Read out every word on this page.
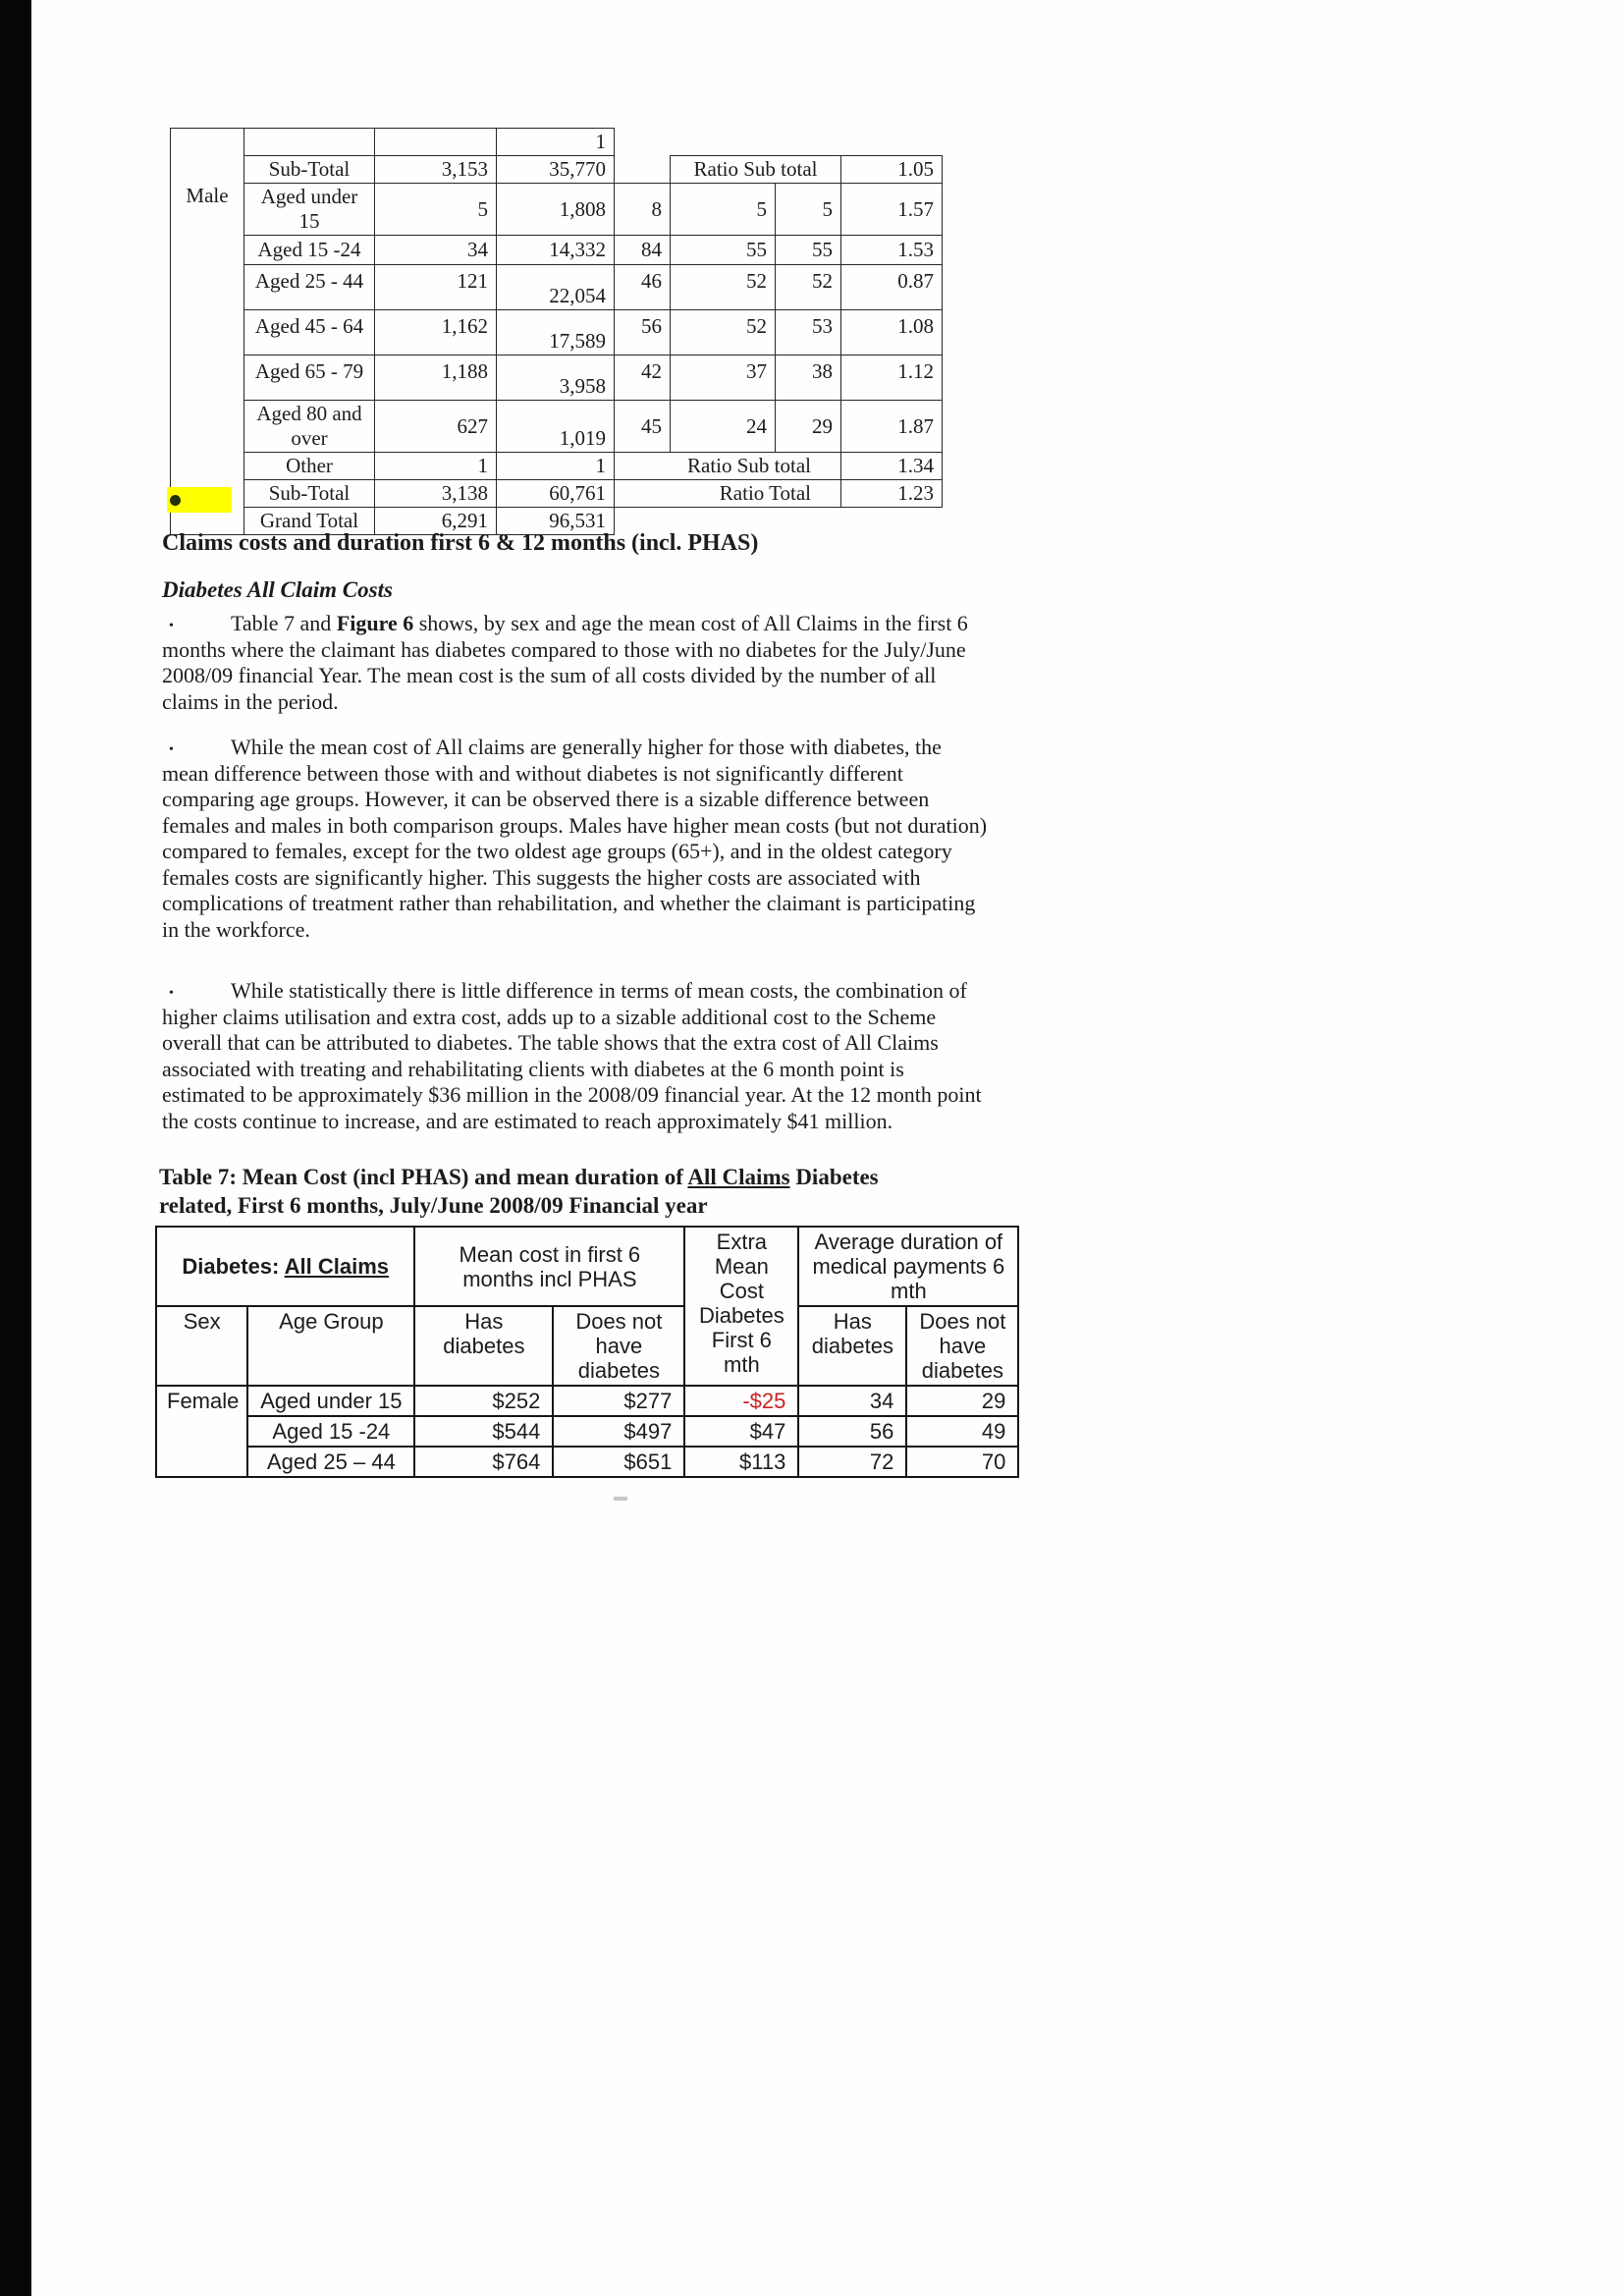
Male			1				
	Sub-Total	3,153	35,770		Ratio Sub total		1.05
	Aged under 15	5	1,808	8	5	5	1.57
	Aged 15 -24	34	14,332	84	55	55	1.53
	Aged 25 - 44	121	22,054	46	52	52	0.87
	Aged 45 - 64	1,162	17,589	56	52	53	1.08
	Aged 65 - 79	1,188	3,958	42	37	38	1.12
	Aged 80 and over	627	1,019	45	24	29	1.87
	Other	1	1	Ratio Sub total			1.34
	Sub-Total	3,138	60,761	Ratio Total			1.23
	Grand Total	6,291	96,531				
Claims costs and duration first 6 & 12 months (incl. PHAS)
Diabetes All Claim Costs
•	Table 7 and Figure 6 shows, by sex and age the mean cost of All Claims in the first 6 months where the claimant has diabetes compared to those with no diabetes for the July/June 2008/09 financial Year. The mean cost is the sum of all costs divided by the number of all claims in the period.
•	While the mean cost of All claims are generally higher for those with diabetes, the mean difference between those with and without diabetes is not significantly different comparing age groups. However, it can be observed there is a sizable difference between females and males in both comparison groups. Males have higher mean costs (but not duration) compared to females, except for the two oldest age groups (65+), and in the oldest category females costs are significantly higher. This suggests the higher costs are associated with complications of treatment rather than rehabilitation, and whether the claimant is participating in the workforce.
•	While statistically there is little difference in terms of mean costs, the combination of higher claims utilisation and extra cost, adds up to a sizable additional cost to the Scheme overall that can be attributed to diabetes. The table shows that the extra cost of All Claims associated with treating and rehabilitating clients with diabetes at the 6 month point is estimated to be approximately $36 million in the 2008/09 financial year. At the 12 month point the costs continue to increase, and are estimated to reach approximately $41 million.
Table 7: Mean Cost (incl PHAS) and mean duration of All Claims Diabetes related, First 6 months, July/June 2008/09 Financial year
Diabetes: All Claims		Mean cost in first 6 months incl PHAS		Extra Mean Cost Diabetes First 6 mth	Average duration of medical payments 6 mth	
Sex	Age Group	Has diabetes	Does not have diabetes		Has diabetes	Does not have diabetes
Female	Aged under 15	$252	$277	-$25	34	29
	Aged 15 -24	$544	$497	$47	56	49
	Aged 25 – 44	$764	$651	$113	72	70
